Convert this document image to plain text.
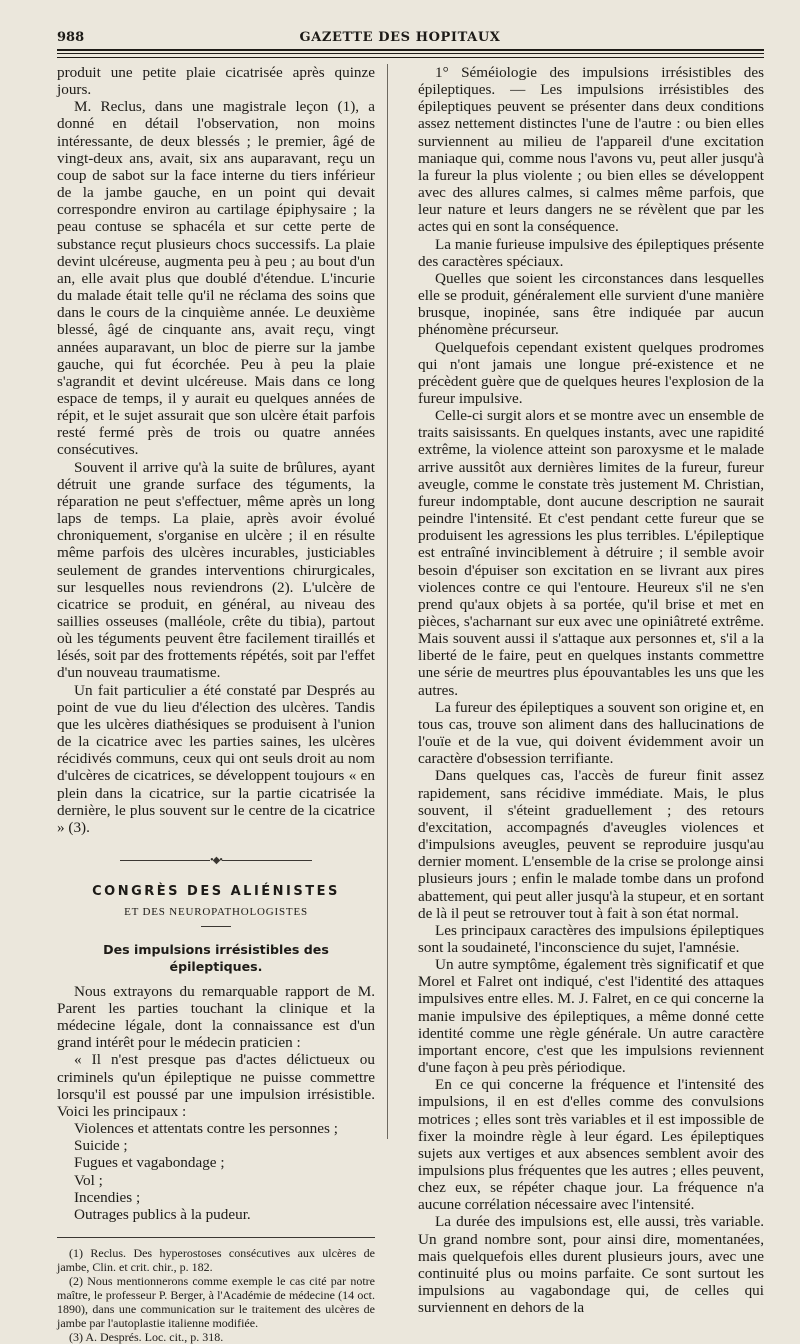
988	GAZETTE DES HOPITAUX

produit une petite plaie cicatrisée après quinze jours.

M. Reclus, dans une magistrale leçon (1), a donné en détail l'observation, non moins intéressante, de deux blessés ; le premier, âgé de vingt-deux ans, avait, six ans auparavant, reçu un coup de sabot sur la face interne du tiers inférieur de la jambe gauche, en un point qui devait correspondre environ au cartilage épiphysaire ; la peau contuse se sphacéla et sur cette perte de substance reçut plusieurs chocs successifs. La plaie devint ulcéreuse, augmenta peu à peu ; au bout d'un an, elle avait plus que doublé d'étendue. L'incurie du malade était telle qu'il ne réclama des soins que dans le cours de la cinquième année. Le deuxième blessé, âgé de cinquante ans, avait reçu, vingt années auparavant, un bloc de pierre sur la jambe gauche, qui fut écorchée. Peu à peu la plaie s'agrandit et devint ulcéreuse. Mais dans ce long espace de temps, il y aurait eu quelques années de répit, et le sujet assurait que son ulcère était parfois resté fermé près de trois ou quatre années consécutives.

Souvent il arrive qu'à la suite de brûlures, ayant détruit une grande surface des téguments, la réparation ne peut s'effectuer, même après un long laps de temps. La plaie, après avoir évolué chroniquement, s'organise en ulcère ; il en résulte même parfois des ulcères incurables, justiciables seulement de grandes interventions chirurgicales, sur lesquelles nous reviendrons (2). L'ulcère de cicatrice se produit, en général, au niveau des saillies osseuses (malléole, crête du tibia), partout où les téguments peuvent être facilement tiraillés et lésés, soit par des frottements répétés, soit par l'effet d'un nouveau traumatisme.

Un fait particulier a été constaté par Després au point de vue du lieu d'élection des ulcères. Tandis que les ulcères diathésiques se produisent à l'union de la cicatrice avec les parties saines, les ulcères récidivés communs, ceux qui ont seuls droit au nom d'ulcères de cicatrices, se développent toujours « en plein dans la cicatrice, sur la partie cicatrisée la dernière, le plus souvent sur le centre de la cicatrice » (3).

•◆•
CONGRÈS DES ALIÉNISTES
ET DES NEUROPATHOLOGISTES
Des impulsions irrésistibles des épileptiques.

Nous extrayons du remarquable rapport de M. Parent les parties touchant la clinique et la médecine légale, dont la connaissance est d'un grand intérêt pour le médecin praticien :

« Il n'est presque pas d'actes délictueux ou criminels qu'un épileptique ne puisse commettre lorsqu'il est poussé par une impulsion irrésistible. Voici les principaux :

Violences et attentats contre les personnes ;
Suicide ;
Fugues et vagabondage ;
Vol ;
Incendies ;
Outrages publics à la pudeur.

(1) Reclus. Des hyperostoses consécutives aux ulcères de jambe, Clin. et crit. chir., p. 182.

(2) Nous mentionnerons comme exemple le cas cité par notre maître, le professeur P. Berger, à l'Académie de médecine (14 oct. 1890), dans une communication sur le traitement des ulcères de jambe par l'autoplastie italienne modifiée.

(3) A. Després. Loc. cit., p. 318.

1° Séméiologie des impulsions irrésistibles des épileptiques. — Les impulsions irrésistibles des épileptiques peuvent se présenter dans deux conditions assez nettement distinctes l'une de l'autre : ou bien elles surviennent au milieu de l'appareil d'une excitation maniaque qui, comme nous l'avons vu, peut aller jusqu'à la fureur la plus violente ; ou bien elles se développent avec des allures calmes, si calmes même parfois, que leur nature et leurs dangers ne se révèlent que par les actes qui en sont la conséquence.

La manie furieuse impulsive des épileptiques présente des caractères spéciaux.

Quelles que soient les circonstances dans lesquelles elle se produit, généralement elle survient d'une manière brusque, inopinée, sans être indiquée par aucun phénomène précurseur.

Quelquefois cependant existent quelques prodromes qui n'ont jamais une longue pré-existence et ne précèdent guère que de quelques heures l'explosion de la fureur impulsive.

Celle-ci surgit alors et se montre avec un ensemble de traits saisissants. En quelques instants, avec une rapidité extrême, la violence atteint son paroxysme et le malade arrive aussitôt aux dernières limites de la fureur, fureur aveugle, comme le constate très justement M. Christian, fureur indomptable, dont aucune description ne saurait peindre l'intensité. Et c'est pendant cette fureur que se produisent les agressions les plus terribles. L'épileptique est entraîné invinciblement à détruire ; il semble avoir besoin d'épuiser son excitation en se livrant aux pires violences contre ce qui l'entoure. Heureux s'il ne s'en prend qu'aux objets à sa portée, qu'il brise et met en pièces, s'acharnant sur eux avec une opiniâtreté extrême. Mais souvent aussi il s'attaque aux personnes et, s'il a la liberté de le faire, peut en quelques instants commettre une série de meurtres plus épouvantables les uns que les autres.

La fureur des épileptiques a souvent son origine et, en tous cas, trouve son aliment dans des hallucinations de l'ouïe et de la vue, qui doivent évidemment avoir un caractère d'obsession terrifiante.

Dans quelques cas, l'accès de fureur finit assez rapidement, sans récidive immédiate. Mais, le plus souvent, il s'éteint graduellement ; des retours d'excitation, accompagnés d'aveugles violences et d'impulsions aveugles, peuvent se reproduire jusqu'au dernier moment. L'ensemble de la crise se prolonge ainsi plusieurs jours ; enfin le malade tombe dans un profond abattement, qui peut aller jusqu'à la stupeur, et en sortant de là il peut se retrouver tout à fait à son état normal.

Les principaux caractères des impulsions épileptiques sont la soudaineté, l'inconscience du sujet, l'amnésie.

Un autre symptôme, également très significatif et que Morel et Falret ont indiqué, c'est l'identité des attaques impulsives entre elles. M. J. Falret, en ce qui concerne la manie impulsive des épileptiques, a même donné cette identité comme une règle générale. Un autre caractère important encore, c'est que les impulsions reviennent d'une façon à peu près périodique.

En ce qui concerne la fréquence et l'intensité des impulsions, il en est d'elles comme des convulsions motrices ; elles sont très variables et il est impossible de fixer la moindre règle à leur égard. Les épileptiques sujets aux vertiges et aux absences semblent avoir des impulsions plus fréquentes que les autres ; elles peuvent, chez eux, se répéter chaque jour. La fréquence n'a aucune corrélation nécessaire avec l'intensité.

La durée des impulsions est, elle aussi, très variable. Un grand nombre sont, pour ainsi dire, momentanées, mais quelquefois elles durent plusieurs jours, avec une continuité plus ou moins parfaite. Ce sont surtout les impulsions au vagabondage qui, de celles qui surviennent en dehors de la
